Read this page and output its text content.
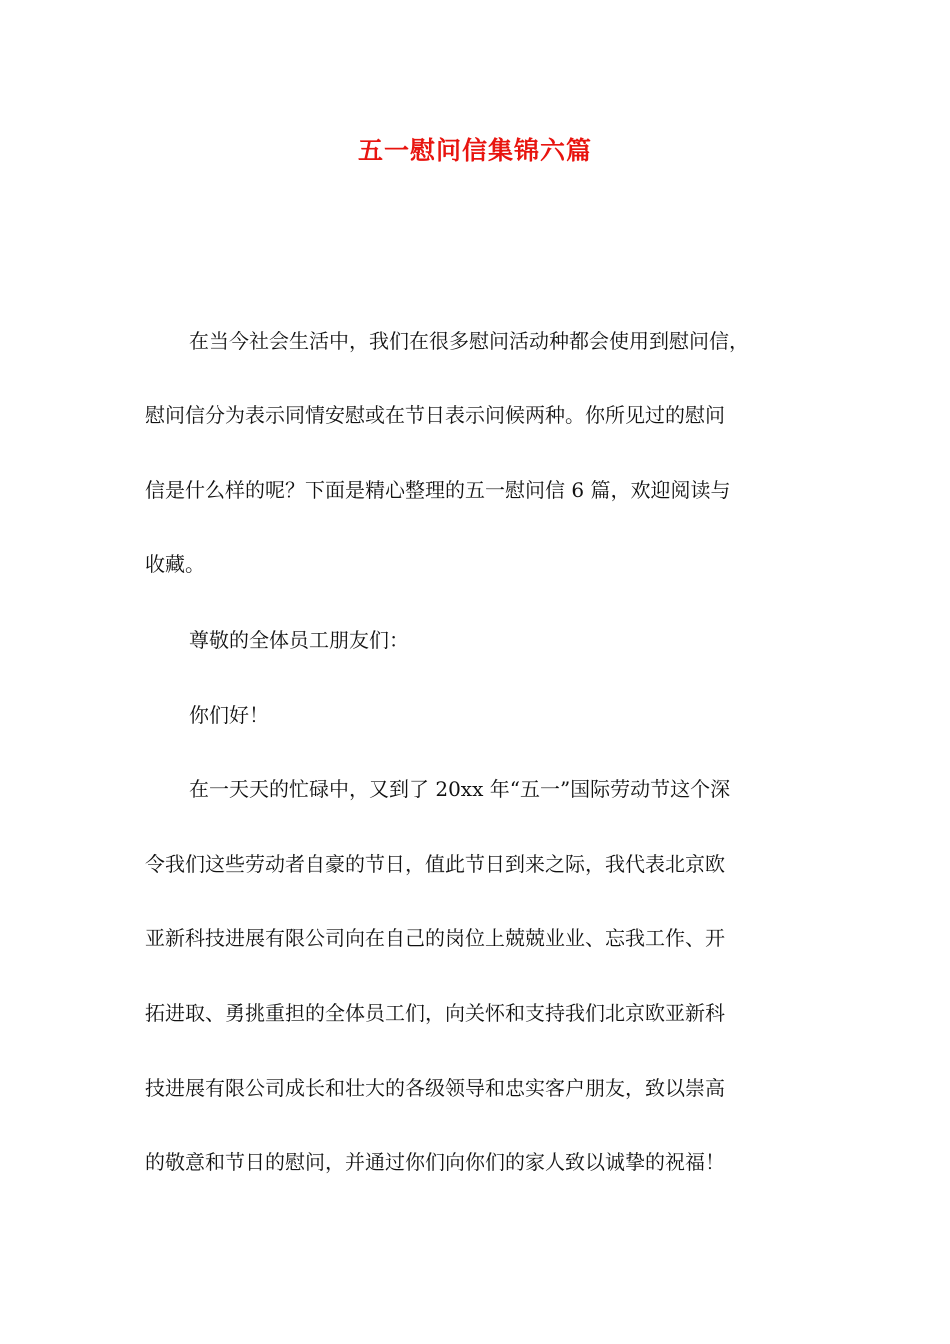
五一慰问信集锦六篇
在当今社会生活中，我们在很多慰问活动种都会使用到慰问信，
慰问信分为表示同情安慰或在节日表示问候两种。你所见过的慰问
信是什么样的呢？下面是精心整理的五一慰问信 6 篇，欢迎阅读与
收藏。
尊敬的全体员工朋友们：
你们好！
在一天天的忙碌中，又到了 20xx 年“五一”国际劳动节这个深
令我们这些劳动者自豪的节日，值此节日到来之际，我代表北京欧
亚新科技进展有限公司向在自己的岗位上兢兢业业、忘我工作、开
拓进取、勇挑重担的全体员工们，向关怀和支持我们北京欧亚新科
技进展有限公司成长和壮大的各级领导和忠实客户朋友，致以崇高
的敬意和节日的慰问，并通过你们向你们的家人致以诚挚的祝福！
